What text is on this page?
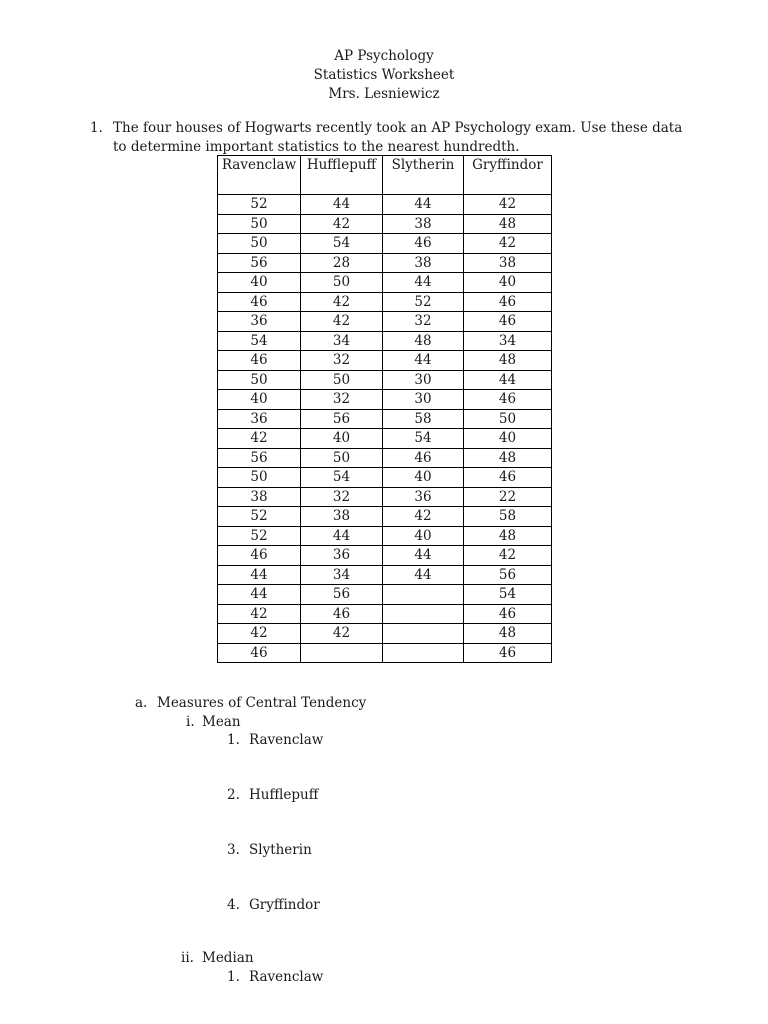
AP Psychology
Statistics Worksheet
Mrs. Lesniewicz
1. The four houses of Hogwarts recently took an AP Psychology exam. Use these data to determine important statistics to the nearest hundredth.
Ravenclaw	Hufflepuff	Slytherin	Gryffindor
52	44	44	42
50	42	38	48
50	54	46	42
56	28	38	38
40	50	44	40
46	42	52	46
36	42	32	46
54	34	48	34
46	32	44	48
50	50	30	44
40	32	30	46
36	56	58	50
42	40	54	40
56	50	46	48
50	54	40	46
38	32	36	22
52	38	42	58
52	44	40	48
46	36	44	42
44	34	44	56
44	56		54
42	46		46
42	42		48
46			46
a. Measures of Central Tendency
i. Mean
1. Ravenclaw
2. Hufflepuff
3. Slytherin
4. Gryffindor
ii. Median
1. Ravenclaw
